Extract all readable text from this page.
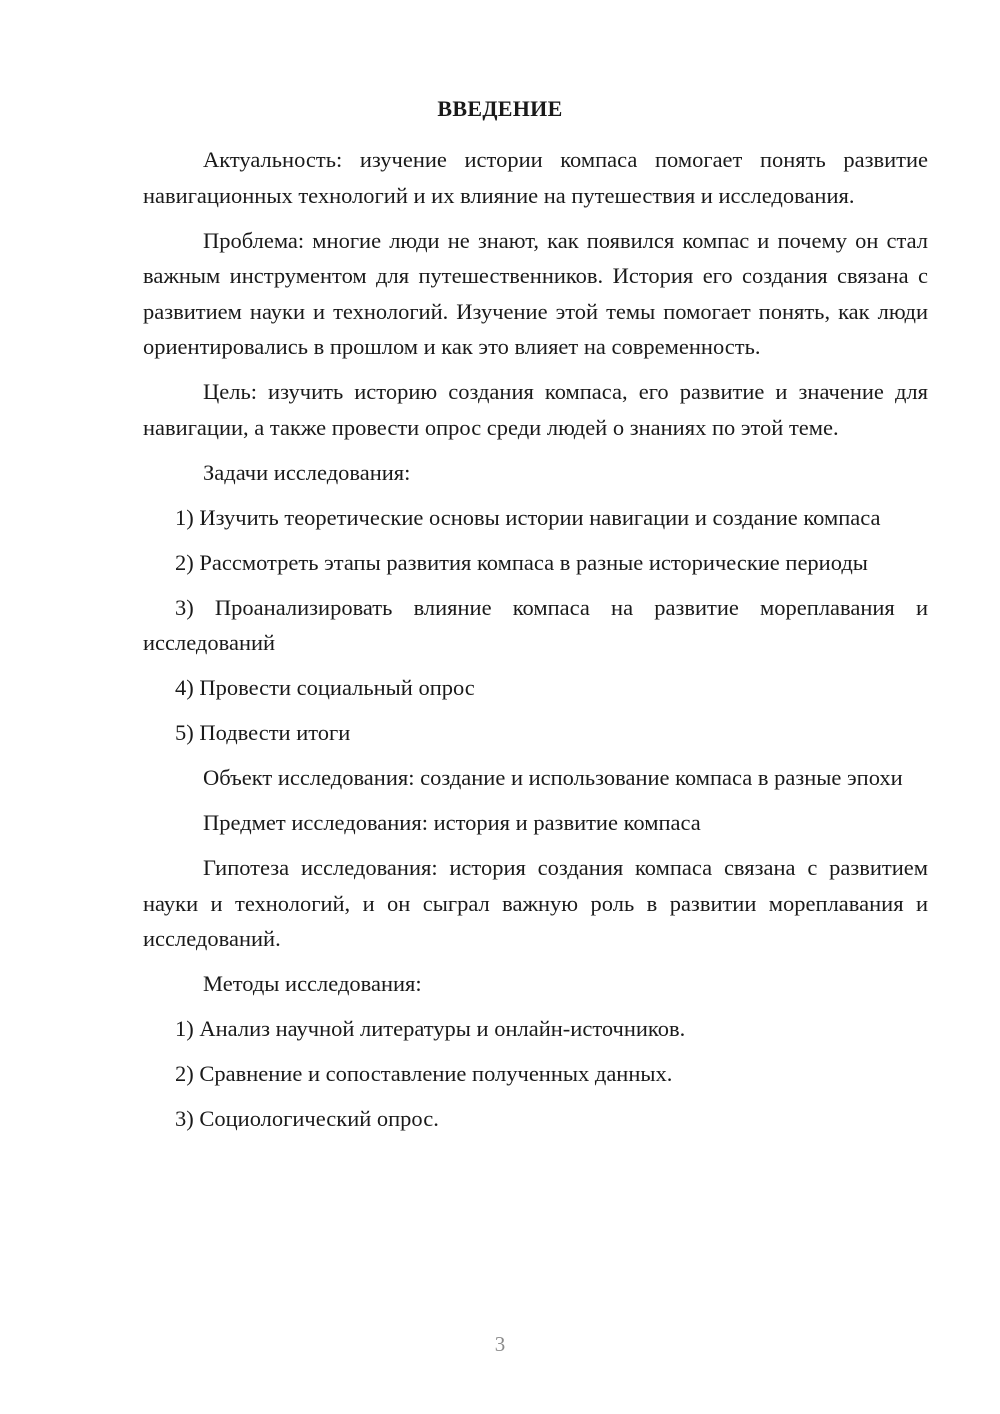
ВВЕДЕНИЕ

Актуальность: изучение истории компаса помогает понять развитие навигационных технологий и их влияние на путешествия и исследования.

Проблема: многие люди не знают, как появился компас и почему он стал важным инструментом для путешественников. История его создания связана с развитием науки и технологий. Изучение этой темы помогает понять, как люди ориентировались в прошлом и как это влияет на современность.

Цель: изучить историю создания компаса, его развитие и значение для навигации, а также провести опрос среди людей о знаниях по этой теме.

Задачи исследования:

1) Изучить теоретические основы истории навигации и создание компаса

2) Рассмотреть этапы развития компаса в разные исторические периоды

3) Проанализировать влияние компаса на развитие мореплавания и исследований

4) Провести социальный опрос

5) Подвести итоги

Объект исследования: создание и использование компаса в разные эпохи

Предмет исследования: история и развитие компаса

Гипотеза исследования: история создания компаса связана с развитием науки и технологий, и он сыграл важную роль в развитии мореплавания и исследований.

Методы исследования:

1) Анализ научной литературы и онлайн-источников.

2) Сравнение и сопоставление полученных данных.

3) Социологический опрос.

3
